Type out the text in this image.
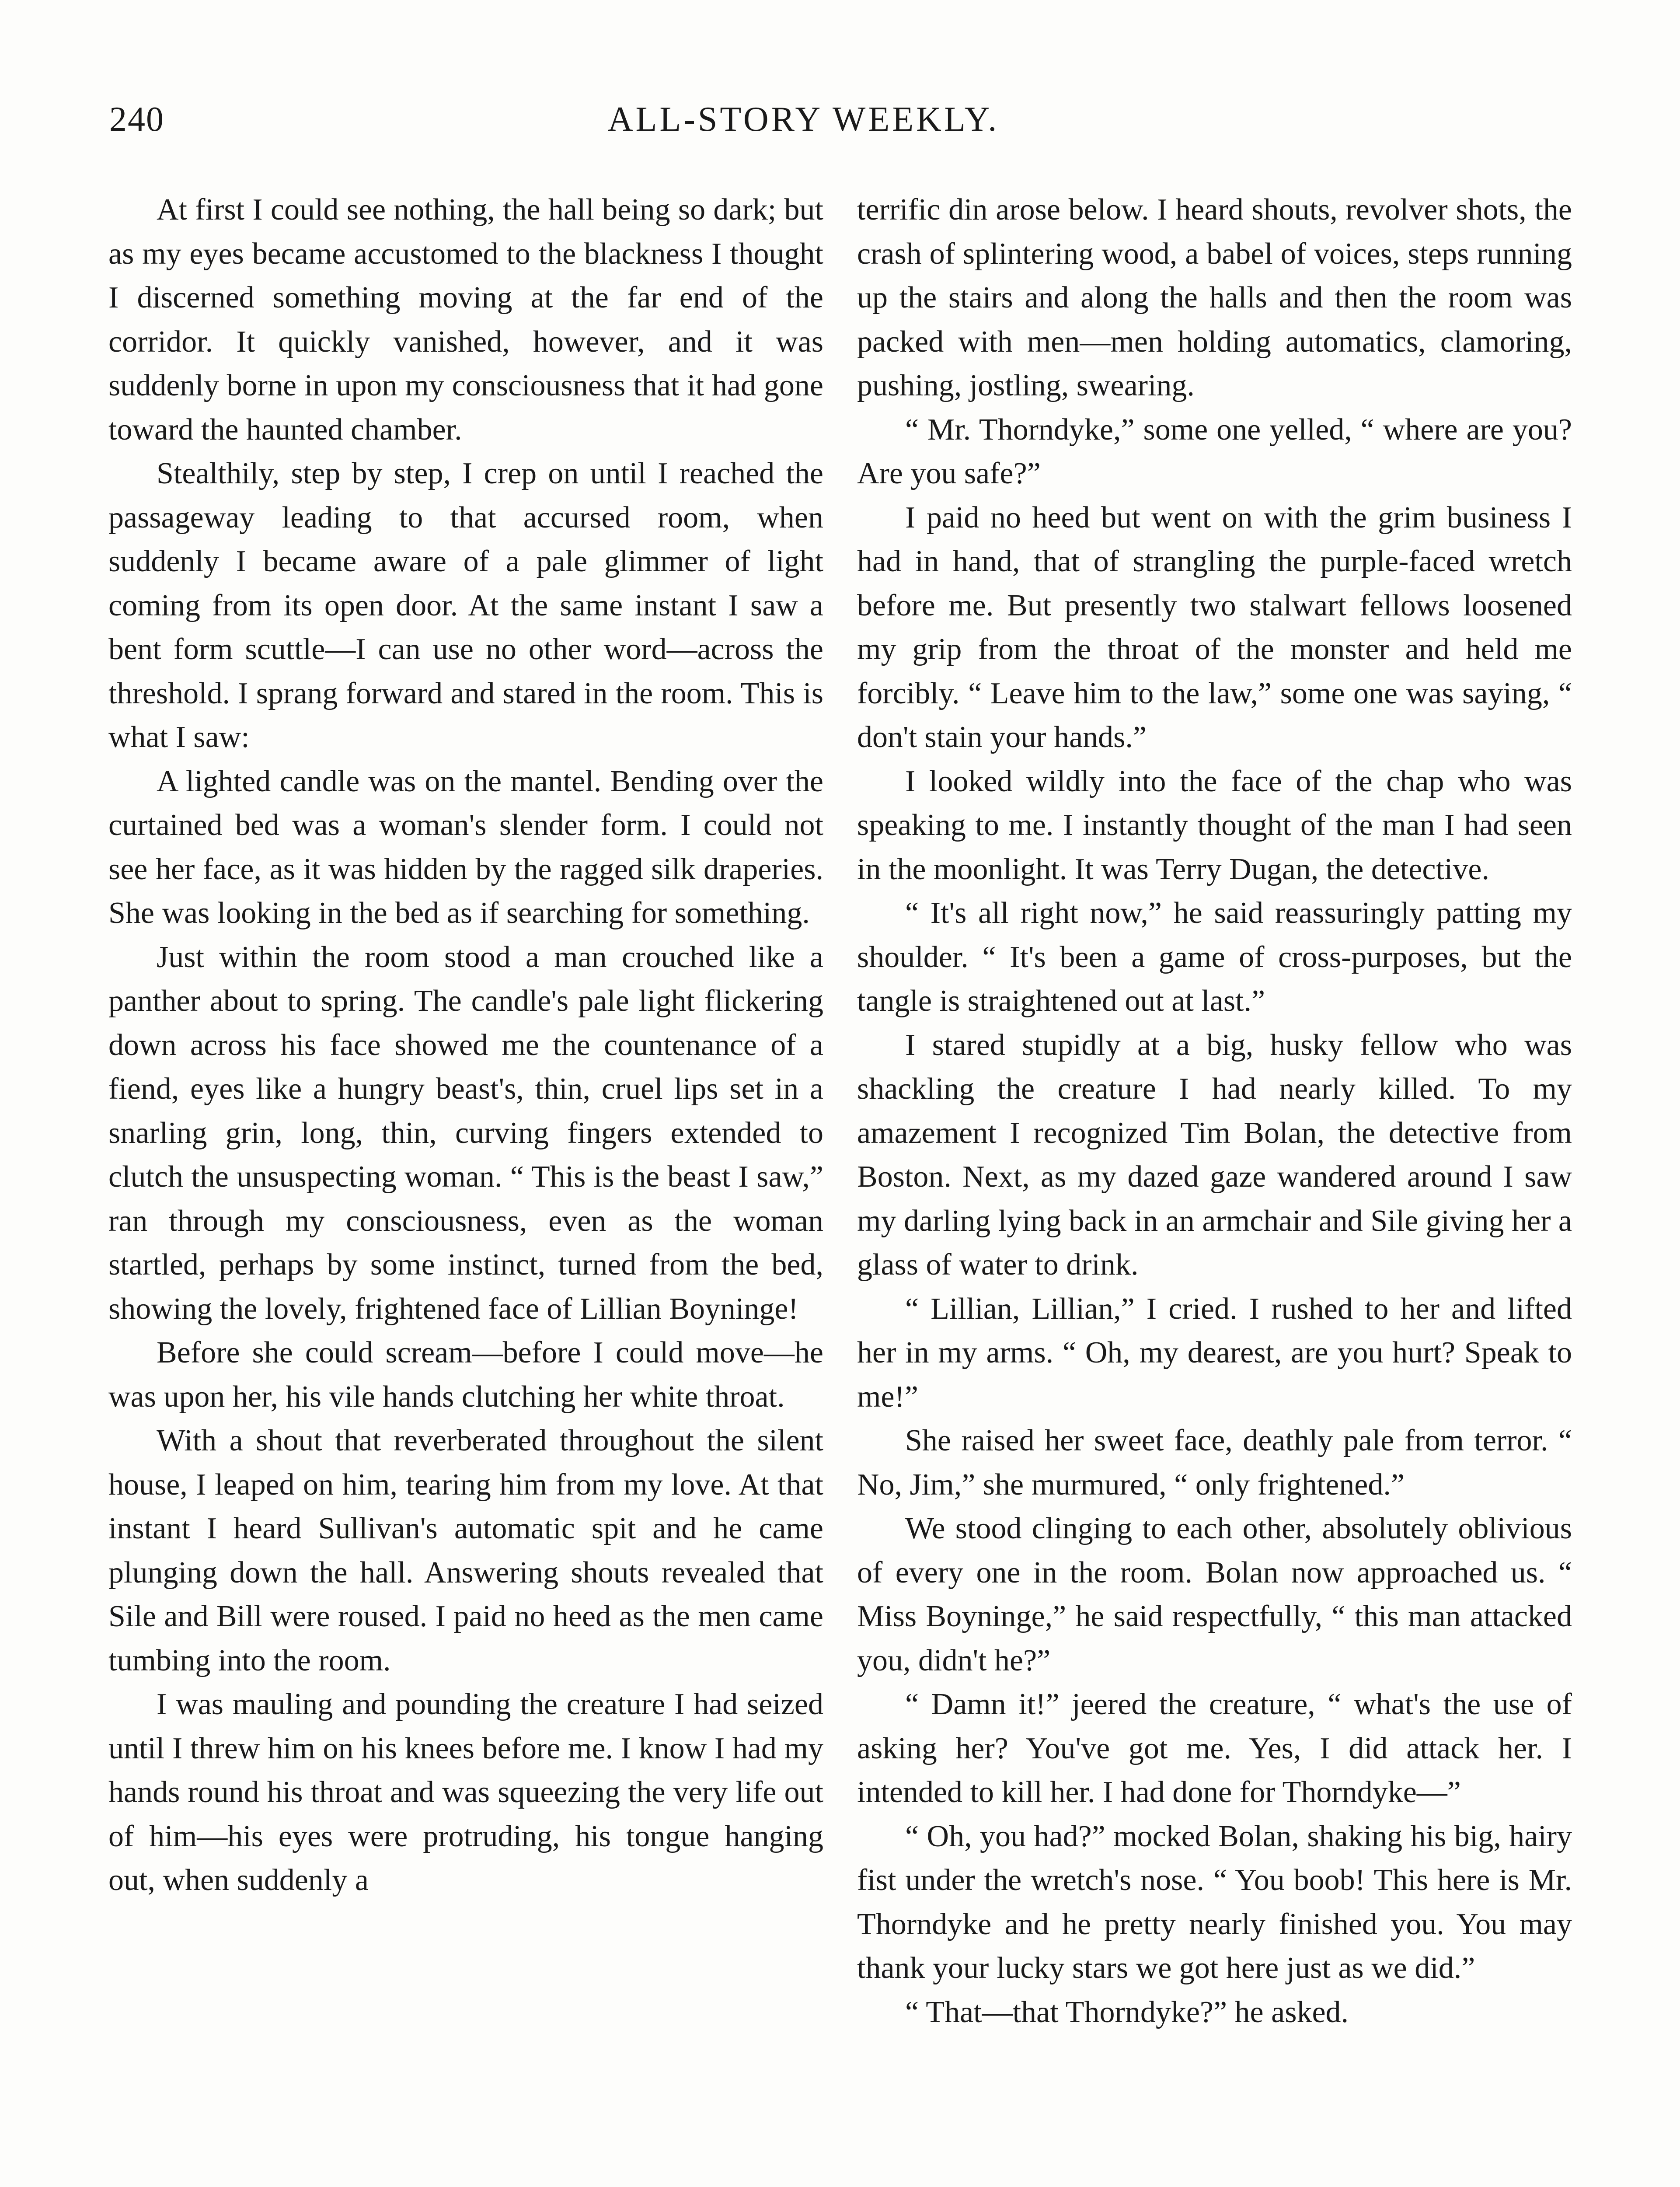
240	ALL-STORY WEEKLY.

At first I could see nothing, the hall being so dark; but as my eyes became accustomed to the blackness I thought I discerned something moving at the far end of the corridor. It quickly vanished, however, and it was suddenly borne in upon my consciousness that it had gone toward the haunted chamber.

Stealthily, step by step, I crep on until I reached the passageway leading to that accursed room, when suddenly I became aware of a pale glimmer of light coming from its open door. At the same instant I saw a bent form scuttle—I can use no other word—across the threshold. I sprang forward and stared in the room. This is what I saw:

A lighted candle was on the mantel. Bending over the curtained bed was a woman's slender form. I could not see her face, as it was hidden by the ragged silk draperies. She was looking in the bed as if searching for something.

Just within the room stood a man crouched like a panther about to spring. The candle's pale light flickering down across his face showed me the countenance of a fiend, eyes like a hungry beast's, thin, cruel lips set in a snarling grin, long, thin, curving fingers extended to clutch the unsuspecting woman. “ This is the beast I saw,” ran through my consciousness, even as the woman startled, perhaps by some instinct, turned from the bed, showing the lovely, frightened face of Lillian Boyninge!

Before she could scream—before I could move—he was upon her, his vile hands clutching her white throat.

With a shout that reverberated throughout the silent house, I leaped on him, tearing him from my love. At that instant I heard Sullivan's automatic spit and he came plunging down the hall. Answering shouts revealed that Sile and Bill were roused. I paid no heed as the men came tumbing into the room.

I was mauling and pounding the creature I had seized until I threw him on his knees before me. I know I had my hands round his throat and was squeezing the very life out of him—his eyes were protruding, his tongue hanging out, when suddenly a

terrific din arose below. I heard shouts, revolver shots, the crash of splintering wood, a babel of voices, steps running up the stairs and along the halls and then the room was packed with men—men holding automatics, clamoring, pushing, jostling, swearing.

“ Mr. Thorndyke,” some one yelled, “ where are you? Are you safe?”

I paid no heed but went on with the grim business I had in hand, that of strangling the purple-faced wretch before me. But presently two stalwart fellows loosened my grip from the throat of the monster and held me forcibly. “ Leave him to the law,” some one was saying, “ don't stain your hands.”

I looked wildly into the face of the chap who was speaking to me. I instantly thought of the man I had seen in the moonlight. It was Terry Dugan, the detective.

“ It's all right now,” he said reassuringly patting my shoulder. “ It's been a game of cross-purposes, but the tangle is straightened out at last.”

I stared stupidly at a big, husky fellow who was shackling the creature I had nearly killed. To my amazement I recognized Tim Bolan, the detective from Boston. Next, as my dazed gaze wandered around I saw my darling lying back in an armchair and Sile giving her a glass of water to drink.

“ Lillian, Lillian,” I cried. I rushed to her and lifted her in my arms. “ Oh, my dearest, are you hurt? Speak to me!”

She raised her sweet face, deathly pale from terror. “ No, Jim,” she murmured, “ only frightened.”

We stood clinging to each other, absolutely oblivious of every one in the room. Bolan now approached us. “ Miss Boyninge,” he said respectfully, “ this man attacked you, didn't he?”

“ Damn it!” jeered the creature, “ what's the use of asking her? You've got me. Yes, I did attack her. I intended to kill her. I had done for Thorndyke—”

“ Oh, you had?” mocked Bolan, shaking his big, hairy fist under the wretch's nose. “ You boob! This here is Mr. Thorndyke and he pretty nearly finished you. You may thank your lucky stars we got here just as we did.”

“ That—that Thorndyke?” he asked.
